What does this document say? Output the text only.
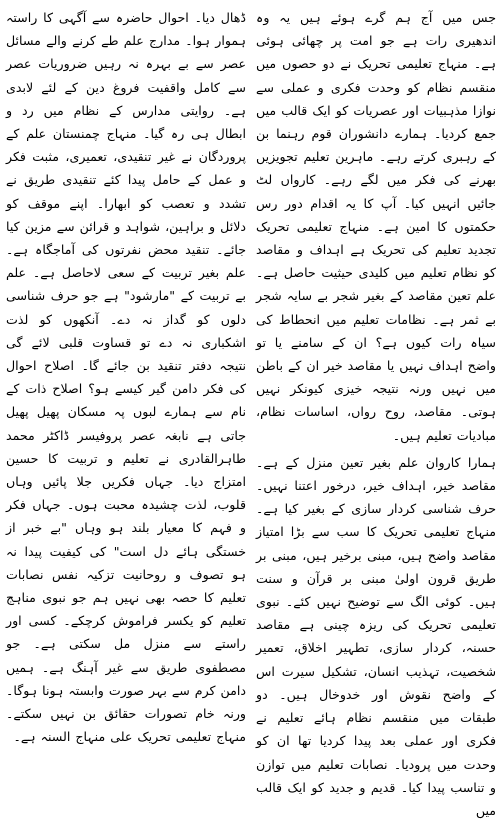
جس میں آج ہم گرے ہوئے ہیں یہ وہ اندھیری رات ہے جو امت پر چھائی ہوئی ہے۔ منہاج تعلیمی تحریک نے دو حصوں میں منقسم نظام کو وحدت فکری و عملی سے نوازا مذہبیات اور عصریات کو ایک قالب میں جمع کردیا۔ ہمارے دانشوران قوم رہنما بن کے رہبری کرتے رہے۔ ماہرین تعلیم تجویزیں بھرنے کی فکر میں لگے رہے۔ کارواں لٹ جائیں انہیں کیا۔ آپ کا یہ اقدام دور رس حکمتوں کا امین ہے۔ منہاج تعلیمی تحریک تجدید تعلیم کی تحریک ہے اہداف و مقاصد کو نظام تعلیم میں کلیدی حیثیت حاصل ہے۔ علم تعین مقاصد کے بغیر شجر بے سایہ شجر بے ثمر ہے۔ نظامات تعلیم میں انحطاط کی سیاہ رات کیوں ہے؟ ان کے سامنے یا تو واضح اہداف نہیں یا مقاصد خیر ان کے باطن میں نہیں ورنہ نتیجہ خیزی کیونکر نہیں ہوتی۔ مقاصد، روح رواں، اساسات نظام، مبادیات تعلیم ہیں۔

ہمارا کاروان علم بغیر تعین منزل کے ہے۔ مقاصد خیر، اہداف خیر، درخور اعتنا نہیں۔ حرف شناسی کردار سازی کے بغیر کیا ہے۔ منہاج تعلیمی تحریک کا سب سے بڑا امتیاز مقاصد واضح ہیں، مبنی برخیر ہیں، مبنی بر طریق قرون اولیٰ مبنی بر قرآن و سنت ہیں۔ کوئی الگ سے توضیح نہیں کئے۔ نبوی تعلیمی تحریک کی ریزہ چینی ہے مقاصد حسنہ، کردار سازی، تطہیر اخلاق، تعمیر شخصیت، تہذیب انسان، تشکیل سیرت اس کے واضح نقوش اور خدوخال ہیں۔ دو طبقات میں منقسم نظام ہائے تعلیم نے فکری اور عملی بعد پیدا کردیا تھا ان کو وحدت میں پرودیا۔ نصابات تعلیم میں توازن و تناسب پیدا کیا۔ قدیم و جدید کو ایک قالب میں

ڈھال دیا۔ احوال حاضرہ سے آگہی کا راستہ ہموار ہوا۔ مدارج علم طے کرنے والے مسائل عصر سے بے بہرہ نہ رہیں ضروریات عصر سے کامل واقفیت فروغ دین کے لئے لابدی ہے۔ روایتی مدارس کے نظام میں رد و ابطال ہی رہ گیا۔ منہاج چمنستان علم کے پروردگان نے غیر تنقیدی، تعمیری، مثبت فکر و عمل کے حامل پیدا کئے تنقیدی طریق نے تشدد و تعصب کو ابھارا۔ اپنے موقف کو دلائل و براہین، شواہد و قرائن سے مزین کیا جائے۔ تنقید محض نفرتوں کی آماجگاہ ہے۔ علم بغیر تربیت کے سعی لاحاصل ہے۔ علم بے تربیت کے "مارشود" ہے جو حرف شناسی دلوں کو گداز نہ دے۔ آنکھوں کو لذت اشکباری نہ دے تو قساوت قلبی لائے گی نتیجہ دفتر تنقید بن جائے گا۔ اصلاح احوال کی فکر دامن گیر کیسے ہو؟ اصلاح ذات کے نام سے ہمارے لبوں پہ مسکان پھیل پھیل جاتی ہے نابغہ عصر پروفیسر ڈاکٹر محمد طاہرالقادری نے تعلیم و تربیت کا حسین امتزاج دیا۔ جہاں فکریں جلا پائیں وہاں قلوب، لذت چشیدہ محبت ہوں۔ جہاں فکر و فہم کا معیار بلند ہو وہاں "بے خبر از خستگی ہائے دل است" کی کیفیت پیدا نہ ہو تصوف و روحانیت تزکیہ نفس نصابات تعلیم کا حصہ بھی نہیں ہم جو نبوی مناہج تعلیم کو یکسر فراموش کرچکے۔ کسی اور راستے سے منزل مل سکتی ہے۔ جو مصطفوی طریق سے غیر آہنگ ہے۔ ہمیں دامن کرم سے بہر صورت وابستہ ہونا ہوگا۔ ورنہ خام تصورات حقائق بن نہیں سکتے۔ منہاج تعلیمی تحریک علی منہاج السنہ ہے۔
